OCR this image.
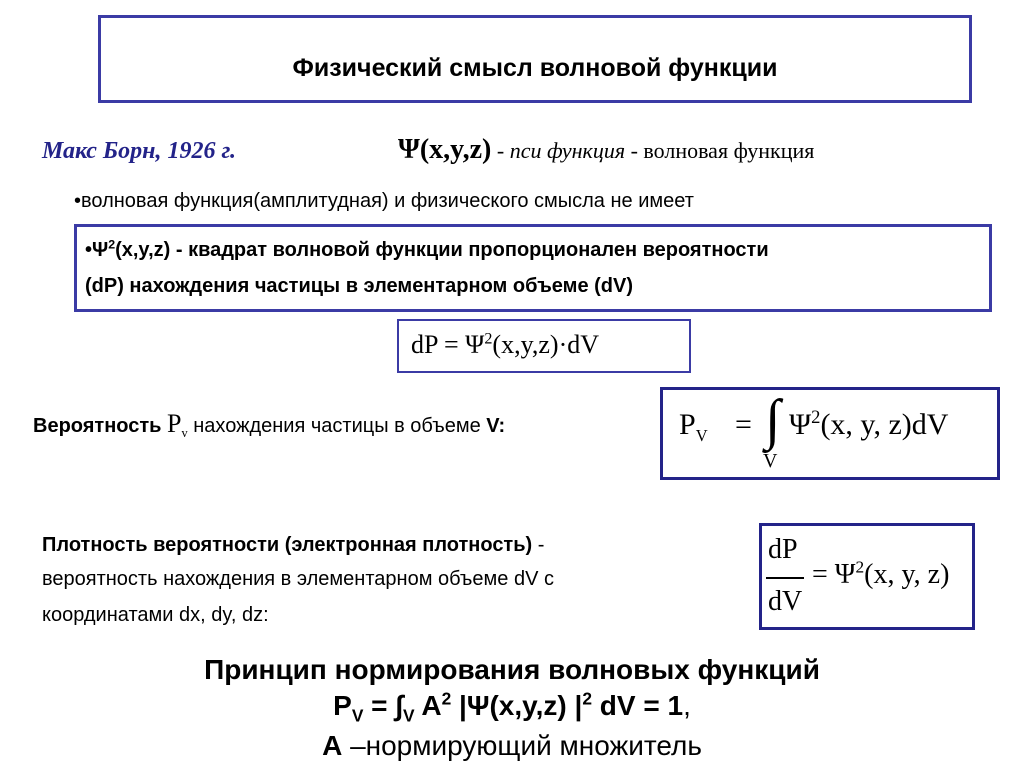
Физический смысл волновой функции
Макс Борн, 1926 г.	Ψ(x,y,z) - пси функция - волновая функция
•волновая функция(амплитудная) и физического смысла не имеет
$•\Psi^2(x,y,z)$ - квадрат волновой функции пропорционален вероятности
(dP) нахождения частицы в элементарном объеме (dV)
dP = $\Psi^2(x,y,z)\cdot dV$
Вероятность $P_v$ нахождения частицы в объеме V:	$P_V$ = ∫
V
$\Psi^2(x$, y, z)dV
Плотность вероятности (электронная плотность) -
вероятность нахождения в элементарном объеме dV с
координатами dx, dy, dz:
dP
dV
= $\Psi^2(x$, y, z)
Принцип нормирования волновых функций
$P_V = \int_V$ $A^2$ |Ψ(x,y,z) $|^2$ dV = 1,
A –нормирующий множитель
